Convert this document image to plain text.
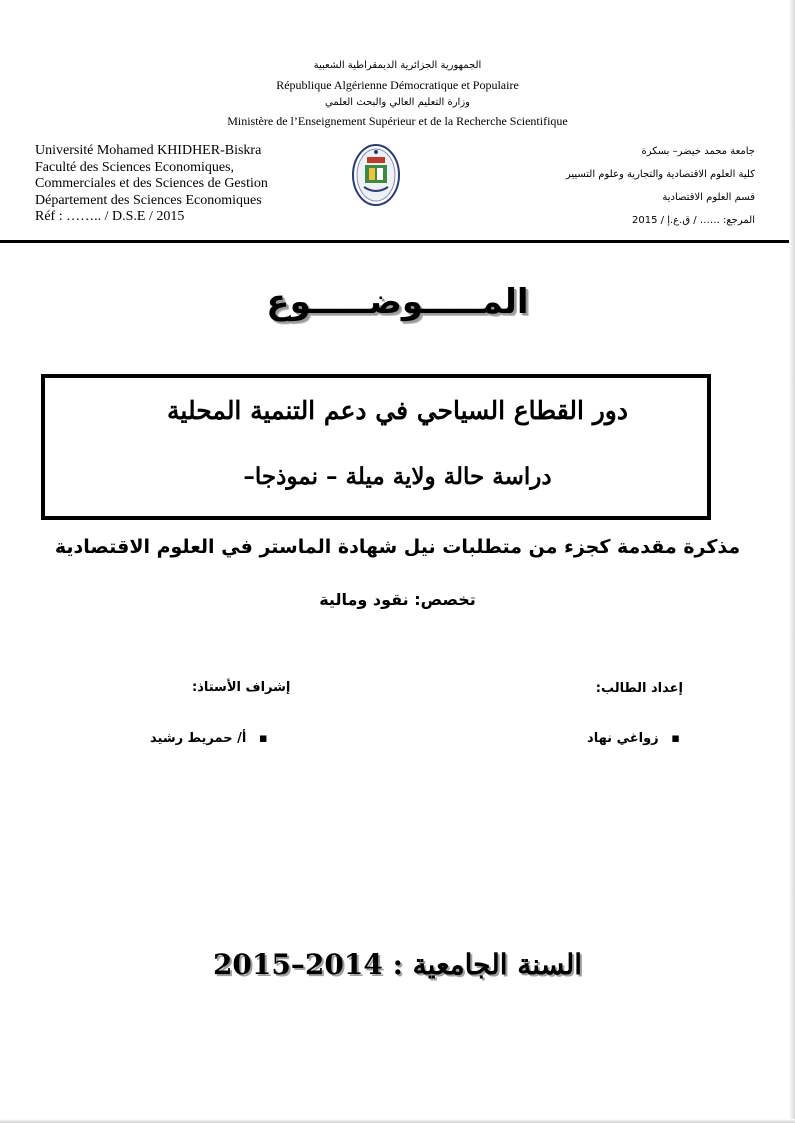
الجمهورية الجزائرية الديمقراطية الشعبية
République Algérienne Démocratique et Populaire
وزارة التعليم العالي والبحث العلمي
Ministère de l’Enseignement Supérieur et de la Recherche Scientifique
Université Mohamed KHIDHER-Biskra
Faculté des Sciences Economiques,
Commerciales et des Sciences de Gestion
Département des Sciences Economiques
Réf : …….. / D.S.E / 2015
جامعة محمد خيضر– بسكرة
كلية العلوم الاقتصادية والتجارية وعلوم التسيير
قسم العلوم الاقتصادية
المرجع: …… / ق.ع.إ / 2015
المـــــوضـــــوع
دور القطاع السياحي في دعم التنمية المحلية
دراسة حالة ولاية ميلة – نموذجا–
مذكرة مقدمة كجزء من متطلبات نيل شهادة الماستر في العلوم الاقتصادية
تخصص: نقود ومالية
إعداد الطالب:
إشراف الأستاذ:
▪ زواغي نهاد
▪ أ/ حمريط رشيد
السنة الجامعية : 2014–2015
